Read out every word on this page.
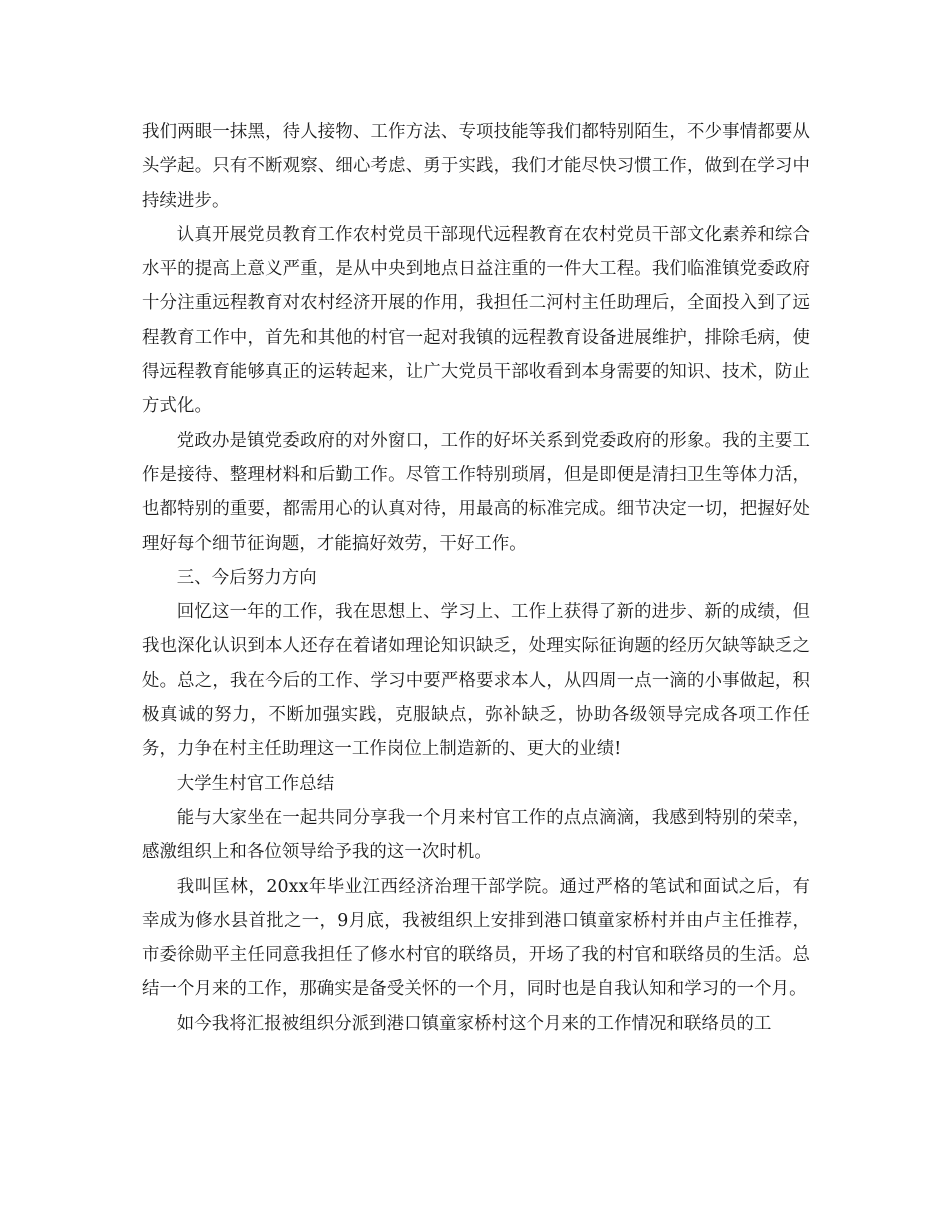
我们两眼一抹黑，待人接物、工作方法、专项技能等我们都特别陌生，不少事情都要从头学起。只有不断观察、细心考虑、勇于实践，我们才能尽快习惯工作，做到在学习中持续进步。

认真开展党员教育工作农村党员干部现代远程教育在农村党员干部文化素养和综合水平的提高上意义严重，是从中央到地点日益注重的一件大工程。我们临淮镇党委政府十分注重远程教育对农村经济开展的作用，我担任二河村主任助理后，全面投入到了远程教育工作中，首先和其他的村官一起对我镇的远程教育设备进展维护，排除毛病，使得远程教育能够真正的运转起来，让广大党员干部收看到本身需要的知识、技术，防止方式化。

党政办是镇党委政府的对外窗口，工作的好坏关系到党委政府的形象。我的主要工作是接待、整理材料和后勤工作。尽管工作特别琐屑，但是即便是清扫卫生等体力活，也都特别的重要，都需用心的认真对待，用最高的标准完成。细节决定一切，把握好处理好每个细节征询题，才能搞好效劳，干好工作。

三、今后努力方向

回忆这一年的工作，我在思想上、学习上、工作上获得了新的进步、新的成绩，但我也深化认识到本人还存在着诸如理论知识缺乏，处理实际征询题的经历欠缺等缺乏之处。总之，我在今后的工作、学习中要严格要求本人，从四周一点一滴的小事做起，积极真诚的努力，不断加强实践，克服缺点，弥补缺乏，协助各级领导完成各项工作任务，力争在村主任助理这一工作岗位上制造新的、更大的业绩!

大学生村官工作总结

能与大家坐在一起共同分享我一个月来村官工作的点点滴滴，我感到特别的荣幸，感激组织上和各位领导给予我的这一次时机。

我叫匡林，20xx年毕业江西经济治理干部学院。通过严格的笔试和面试之后，有幸成为修水县首批之一，9月底，我被组织上安排到港口镇童家桥村并由卢主任推荐，市委徐勋平主任同意我担任了修水村官的联络员，开场了我的村官和联络员的生活。总结一个月来的工作，那确实是备受关怀的一个月，同时也是自我认知和学习的一个月。

如今我将汇报被组织分派到港口镇童家桥村这个月来的工作情况和联络员的工
